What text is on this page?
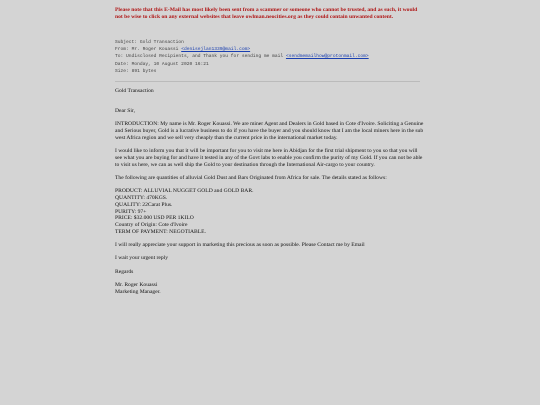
Please note that this E-Mail has most likely been sent from a scammer or someone who cannot be trusted, and as such, it would not be wise to click on any external websites that leave owlman.neocities.org as they could contain unwanted content.
Subject: Gold Transaction
From: Mr. Roger Kouassi <denisejlan1339@mail.com>
To: Undisclosed Recipients, and Thank you for sending me mail <sendmemailhow@protonmail.com>
Date: Monday, 10 August 2020 16:21
Size: 891 bytes

Gold Transaction

Dear Sir,

INTRODUCTION: My name is Mr. Roger Kouassi. We are miner Agent and Dealers in Gold based in Cote d'Ivoire. Soliciting a Genuine and Serious buyer, Gold is a lucrative business to do if you have the buyer and you should know that I am the local miners here in the sub west Africa region and we sell very cheaply than the current price in the international market today.

I would like to inform you that it will be important for you to visit me here in Abidjan for the first trial shipment to you so that you will see what you are buying for and have it tested in any of the Govt labs to enable you confirm the purity of my Gold. If you can not be able to visit us here, we can as well ship the Gold to your destination through the International Air-cargo to your country.

The following are quantities of alluvial Gold Dust and Bars Originated from Africa for sale. The details stated as follows:

PRODUCT: ALLUVIAL NUGGET GOLD and GOLD BAR.
QUANTITY: 470KGS.
QUALITY: 22Carat Plus.
PURITY: 97+
PRICE: $32.000 USD PER 1KILO
Country of Origin: Cote d'Ivoire
TERM OF PAYMENT: NEGOTIABLE.

I will really appreciate your support in marketing this precious as soon as possible. Please Contact me by Email

I wait your urgent reply

Regards

Mr. Roger Kouassi
Marketing Manager.
